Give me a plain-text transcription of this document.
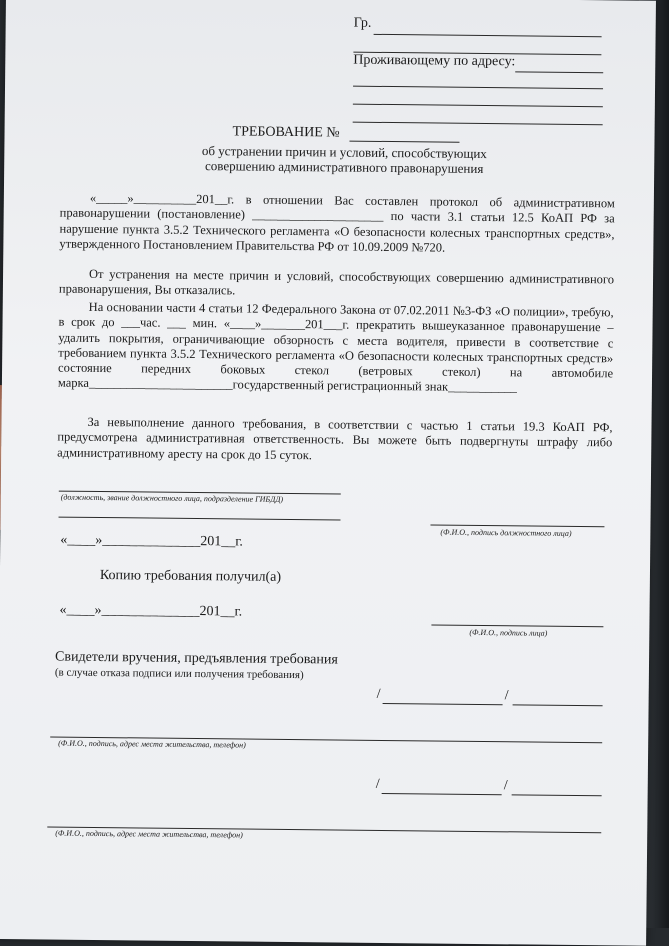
Гр.
Проживающему по адресу:
ТРЕБОВАНИЕ №
об устранении причин и условий, способствующих
совершению административного правонарушения
«_____»__________201__г. в отношении Вас составлен протокол об административном правонарушении (постановление) _____________________ по части 3.1 статьи 12.5 КоАП РФ за нарушение пункта 3.5.2 Технического регламента «О безопасности колесных транспортных средств», утвержденного Постановлением Правительства РФ от 10.09.2009 №720.
От устранения на месте причин и условий, способствующих совершению административного правонарушения, Вы отказались.
На основании части 4 статьи 12 Федерального Закона от 07.02.2011 №3-ФЗ «О полиции», требую, в срок до ___час. ___ мин. «____»_______201___г. прекратить вышеуказанное правонарушение – удалить покрытия, ограничивающие обзорность с места водителя, привести в соответствие с требованием пункта 3.5.2 Технического регламента «О безопасности колесных транспортных средств» состояние передних боковых стекол (ветровых стекол) на автомобиле марка_______________________государственный регистрационный знак___________
За невыполнение данного требования, в соответствии с частью 1 статьи 19.3 КоАП РФ, предусмотрена административная ответственность. Вы можете быть подвергнуты штрафу либо административному аресту на срок до 15 суток.
(должность, звание должностного лица, подразделение ГИБДД)
(Ф.И.О., подпись должностного лица)
«____»______________201__г.
Копию требования получил(а)
«____»______________201__г.
(Ф.И.О., подпись лица)
Свидетели вручения, предъявления требования
(в случае отказа подписи или получения требования)
/	/
(Ф.И.О., подпись, адрес места жительства, телефон)
/	/
(Ф.И.О., подпись, адрес места жительства, телефон)
